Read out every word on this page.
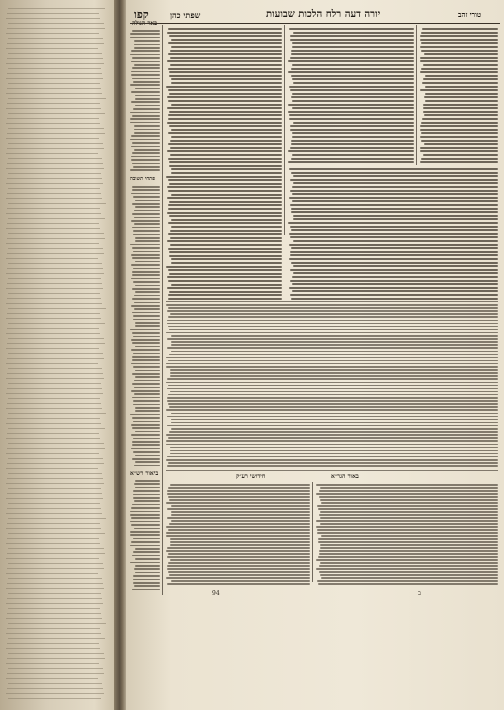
קפו	שפתי כהן	יורה דעה רלח הלכות שבועות	טורי זהב
פתחי תשובה
ביאור רש״א	באור הגר״א
חידושי רע״ק
94	ב
